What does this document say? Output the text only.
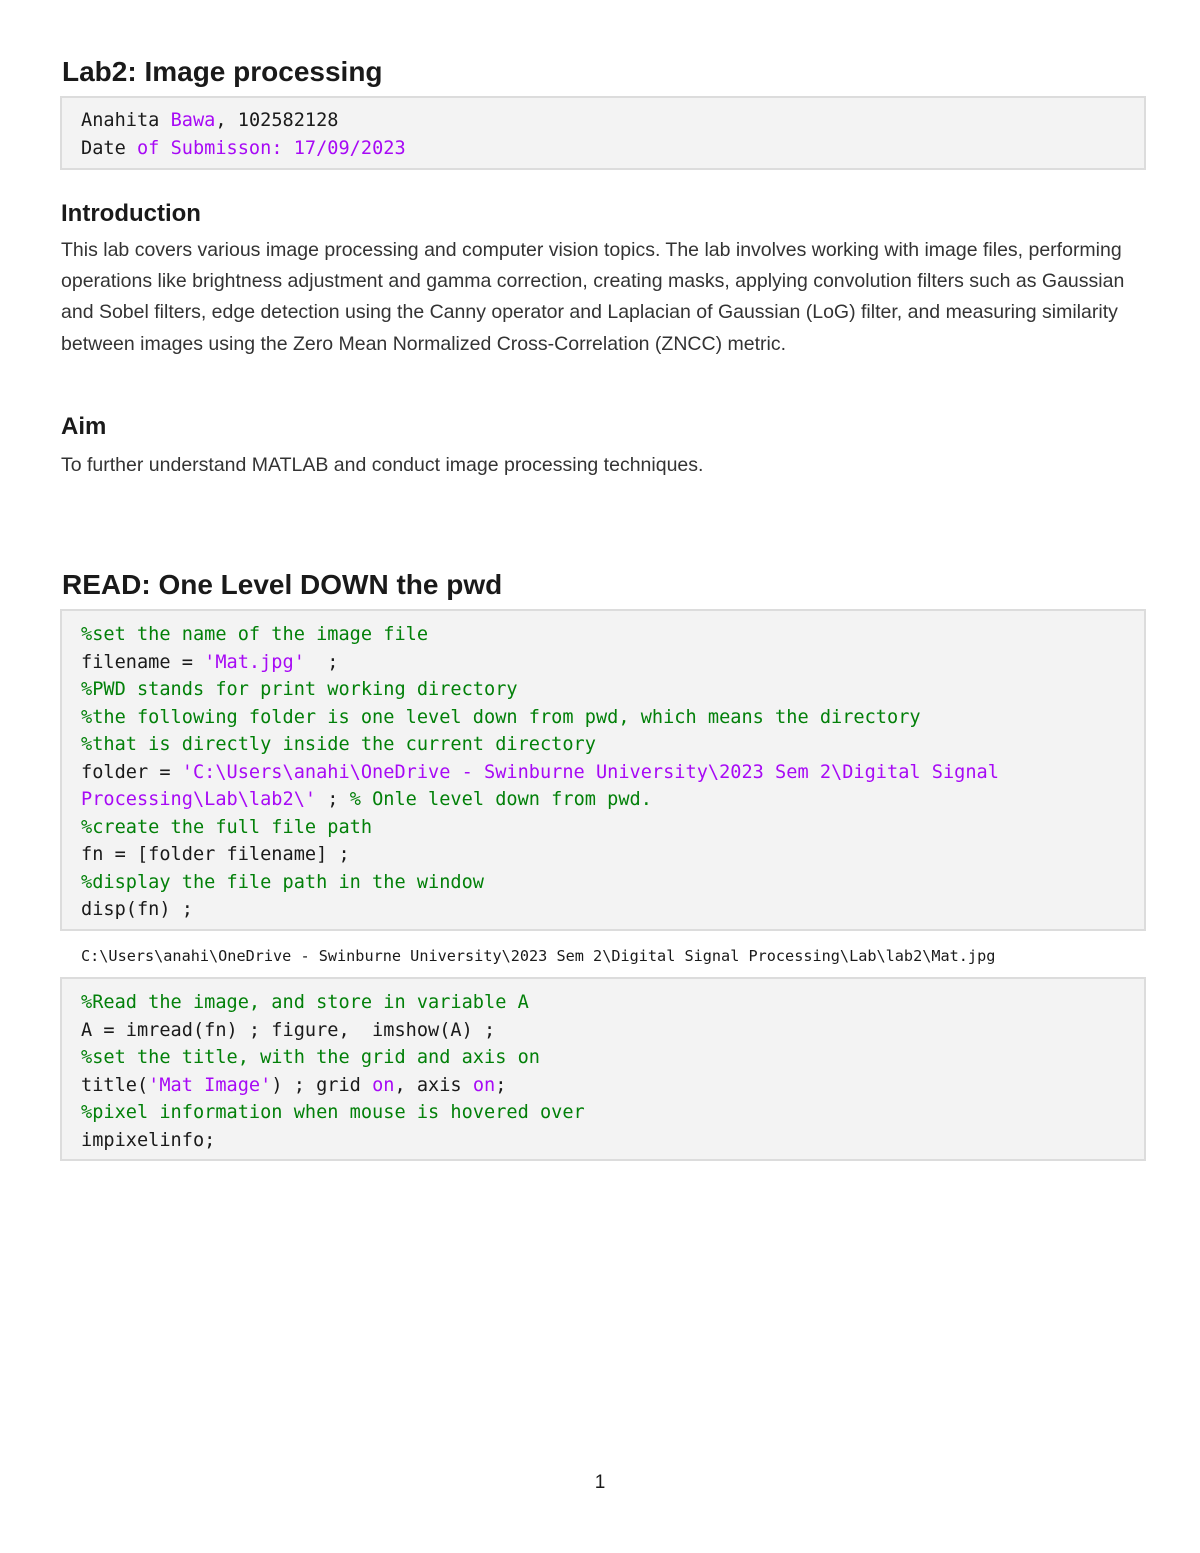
Lab2: Image processing
Anahita Bawa, 102582128
Date of Submisson: 17/09/2023
Introduction

This lab covers various image processing and computer vision topics. The lab involves working with image files, performing operations like brightness adjustment and gamma correction, creating masks, applying convolution filters such as Gaussian and Sobel filters, edge detection using the Canny operator and Laplacian of Gaussian (LoG) filter, and measuring similarity between images using the Zero Mean Normalized Cross-Correlation (ZNCC) metric.

Aim

To further understand MATLAB and conduct image processing techniques.

READ: One Level DOWN the pwd
%set the name of the image file
filename = 'Mat.jpg'  ;
%PWD stands for print working directory
%the following folder is one level down from pwd, which means the directory
%that is directly inside the current directory
folder = 'C:\Users\anahi\OneDrive - Swinburne University\2023 Sem 2\Digital Signal
Processing\Lab\lab2\' ; % Onle level down from pwd.
%create the full file path
fn = [folder filename] ;
%display the file path in the window
disp(fn) ;
C:\Users\anahi\OneDrive - Swinburne University\2023 Sem 2\Digital Signal Processing\Lab\lab2\Mat.jpg
%Read the image, and store in variable A
A = imread(fn) ; figure,  imshow(A) ;
%set the title, with the grid and axis on
title('Mat Image') ; grid on, axis on;
%pixel information when mouse is hovered over
impixelinfo;
1
